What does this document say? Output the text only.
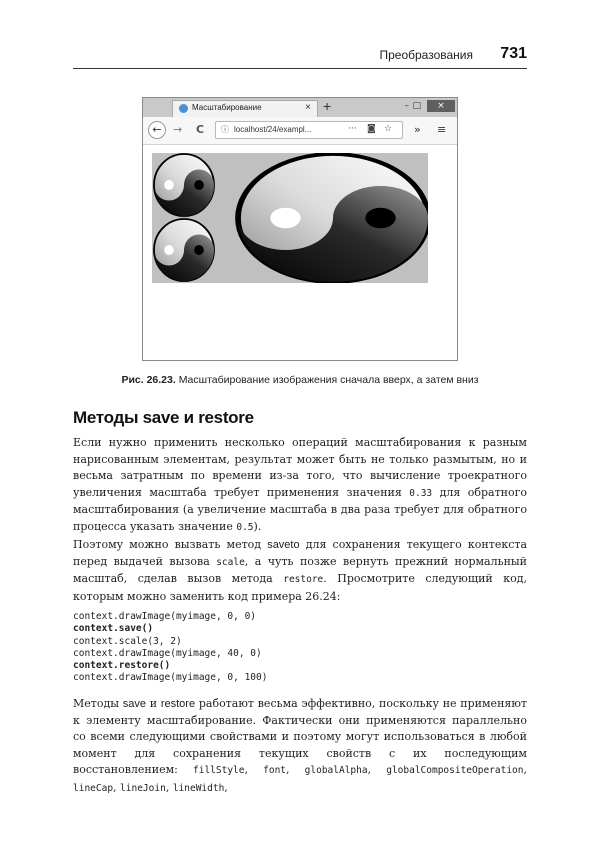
Преобразования 731
Масштабирование	× +	– □	×
←	→ C ⓘ localhost/24/exampl...	··· ◙ ☆ » ≡
Рис. 26.23. Масштабирование изображения сначала вверх, а затем вниз
Методы save и restore

Если нужно применить несколько операций масштабирования к разным нарисованным элементам, результат может быть не только размытым, но и весьма затратным по времени из-за того, что вычисление троекратного увеличения масштаба требует применения значения 0.33 для обратного масштабирования (а увеличение масштаба в два раза требует для обратного процесса указать значение 0.5).

Поэтому можно вызвать метод saveto для сохранения текущего контекста перед выдачей вызова scale, а чуть позже вернуть прежний нормальный масштаб, сделав вызов метода restore. Просмотрите следующий код, которым можно заменить код примера 26.24:

context.drawImage(myimage, 0, 0)
context.save()
context.scale(3, 2)
context.drawImage(myimage, 40, 0)
context.restore()
context.drawImage(myimage, 0, 100)

Методы save и restore работают весьма эффективно, поскольку не применяют к элементу масштабирование. Фактически они применяются параллельно со всеми следующими свойствами и поэтому могут использоваться в любой момент для сохранения текущих свойств с их последующим восстановлением: fillStyle, font, globalAlpha, globalCompositeOperation, lineCap, lineJoin, lineWidth,
